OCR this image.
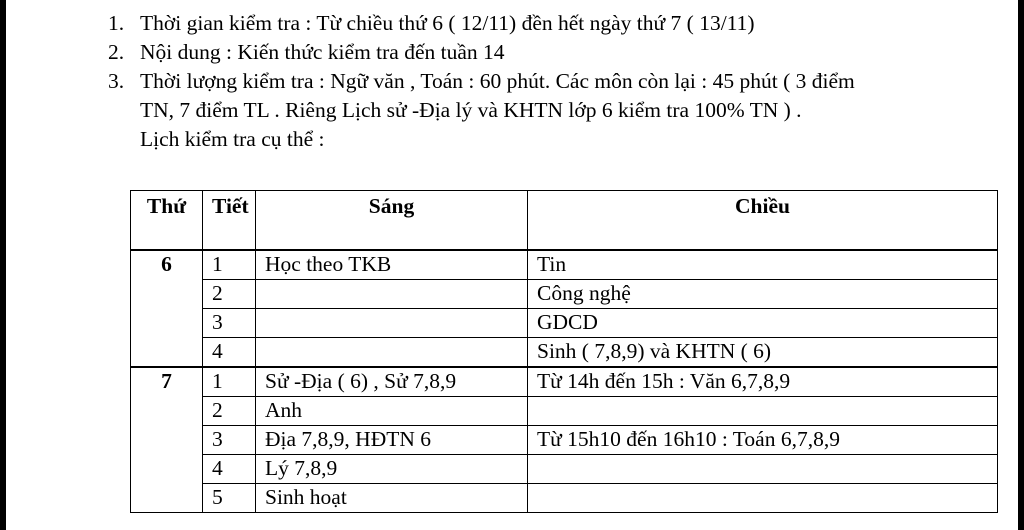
1. Thời gian kiểm tra : Từ chiều thứ 6 ( 12/11) đền hết ngày thứ 7 ( 13/11)
2. Nội dung : Kiến thức kiểm tra đến tuần 14
3. Thời lượng kiểm tra : Ngữ văn , Toán : 60 phút. Các môn còn lại : 45 phút ( 3 điểm
TN, 7 điểm TL . Riêng Lịch sử -Địa lý và KHTN lớp 6 kiểm tra 100% TN ) .
Lịch kiểm tra cụ thể :
Thứ	Tiết	Sáng	Chiều
6	1	Học theo TKB	Tin
	2		Công nghệ
	3		GDCD
	4		Sinh ( 7,8,9) và KHTN ( 6)
7	1	Sử -Địa ( 6) , Sử 7,8,9	Từ 14h đến 15h : Văn 6,7,8,9
	2	Anh	
	3	Địa 7,8,9, HĐTN 6	Từ 15h10 đến 16h10 : Toán 6,7,8,9
	4	Lý 7,8,9	
	5	Sinh hoạt	
